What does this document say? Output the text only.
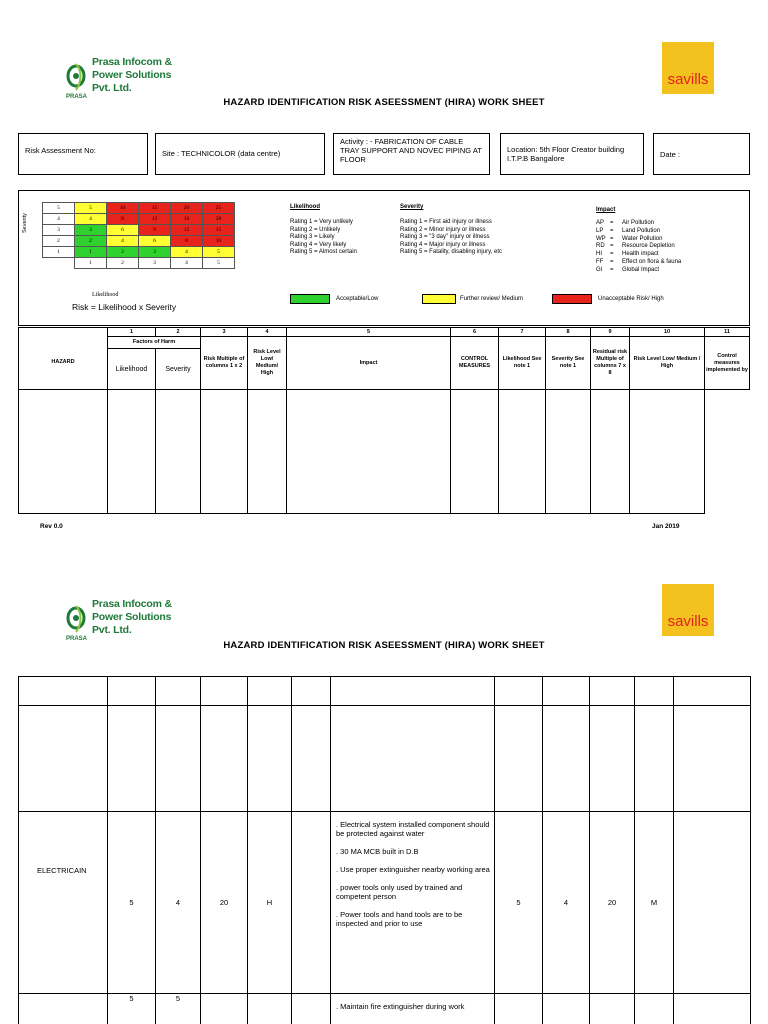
Prasa Infocom &
Power Solutions
Pvt. Ltd.
PRASA
savills
HAZARD IDENTIFICATION RISK ASEESSMENT (HIRA) WORK SHEET
Risk Assessment No:	Site : TECHNICOLOR (data centre)
Activity : - FABRICATION OF CABLE TRAY SUPPORT AND NOVEC PIPING AT FLOOR
Location: 5th Floor Creator building I.T.P.B Bangalore	Date :
Severity
5	5	10	15	20	25
4	4	8	12	16	20
3	3	6	9	12	15
2	2	4	6	8	10
1	1	2	3	4	5
	1	2	3	4	5
Likelihood
Risk = Likelihood x Severity
Likelihood
Rating 1 = Very unlikely
Rating 2 = Unlikely
Rating 3 = Likely
Rating 4 = Very likely
Rating 5 = Almost certain
Severity
Rating 1 = First aid injury or illness
Rating 2 = Minor injury or illness
Rating 3 = "3 day" injury or illness
Rating 4 = Major injury or illness
Rating 5 = Fatality, disabling injury, etc
Impact
AP =	Air Pollution
LP	=	Land Pollution
WP =	Water Pollution
RD =	Resource Depletion
HI	=	Health impact
FF	=	Effect on flora & fauna
GI	=	Global Impact
Acceptable/Low	Further review/ Medium	Unacceptable Risk/ High
	1	2	3	4	5	6	7	8	9	10	11
HAZARD	Factors of Harm		Risk Multiple of columns 1 x 2	Risk Level Low/ Medium/ High	Impact	CONTROL MEASURES	Likelihood See note 1	Severity See note 1	Residual risk Multiple of columns 7 x 8	Risk Level Low/ Medium / High	Control measures implemented by
	Likelihood	Severity									

Rev 0.0	Jan 2019
Prasa Infocom &
Power Solutions
Pvt. Ltd.
PRASA
savills
HAZARD IDENTIFICATION RISK ASEESSMENT (HIRA) WORK SHEET

ELECTRICAIN	5	4	20	H		. Electrical system installed component should be protected against water

. 30 MA MCB built in D.B

. Use proper extinguisher nearby working area

. power tools only used by trained and competent person

. Power tools and hand tools are to be inspected and prior to use	5	4	20	M	
	5	5				. Maintain fire extinguisher during work					
